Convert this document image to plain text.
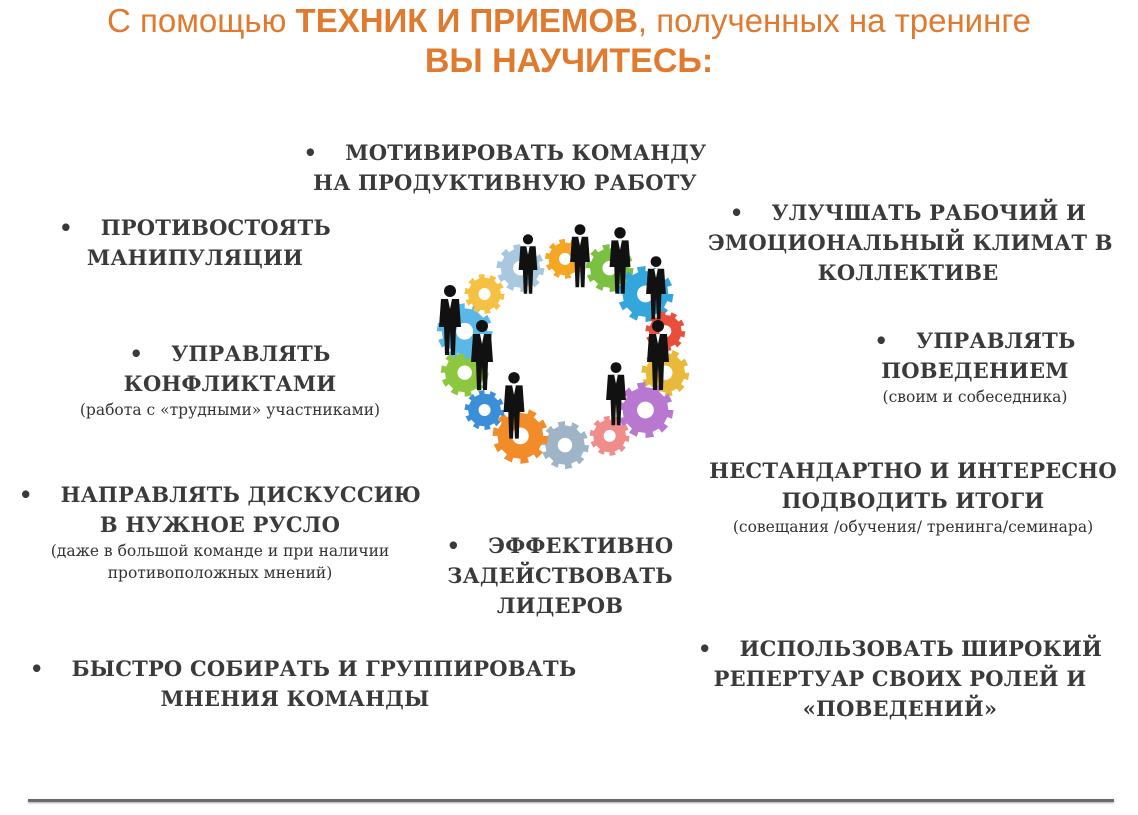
С помощью ТЕХНИК И ПРИЕМОВ, полученных на тренинге
ВЫ НАУЧИТЕСЬ:
• МОТИВИРОВАТЬ КОМАНДУ
НА ПРОДУКТИВНУЮ РАБОТУ
• УЛУЧШАТЬ РАБОЧИЙ И
ЭМОЦИОНАЛЬНЫЙ КЛИМАТ В
КОЛЛЕКТИВЕ
• ПРОТИВОСТОЯТЬ
МАНИПУЛЯЦИИ
• УПРАВЛЯТЬ
ПОВЕДЕНИЕМ
(своим и собеседника)
• УПРАВЛЯТЬ
КОНФЛИКТАМИ
(работа с «трудными» участниками)
НЕСТАНДАРТНО И ИНТЕРЕСНО
ПОДВОДИТЬ ИТОГИ
(совещания /обучения/ тренинга/семинара)
• НАПРАВЛЯТЬ ДИСКУССИЮ
В НУЖНОЕ РУСЛО
(даже в большой команде и при наличии
противоположных мнений)
• ЭФФЕКТИВНО
ЗАДЕЙСТВОВАТЬ
ЛИДЕРОВ
• БЫСТРО СОБИРАТЬ И ГРУППИРОВАТЬ
МНЕНИЯ КОМАНДЫ
• ИСПОЛЬЗОВАТЬ ШИРОКИЙ
РЕПЕРТУАР СВОИХ РОЛЕЙ И
«ПОВЕДЕНИЙ»
